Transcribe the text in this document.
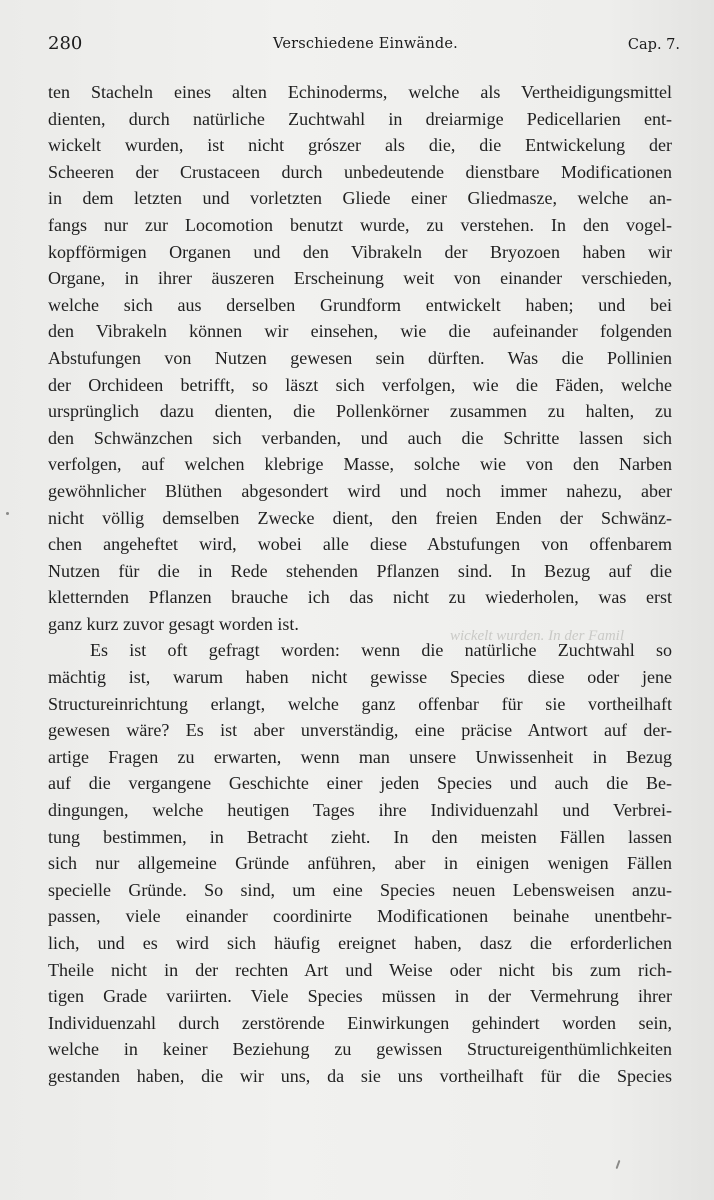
280	Verschiedene Einwände.	Cap. 7.
wickelt wurden. In der Famil
ten Stacheln eines alten Echinoderms, welche als Vertheidigungsmittel
dienten, durch natürliche Zuchtwahl in dreiarmige Pedicellarien ent-
wickelt wurden, ist nicht grószer als die, die Entwickelung der
Scheeren der Crustaceen durch unbedeutende dienstbare Modificationen
in dem letzten und vorletzten Gliede einer Gliedmasze, welche an-
fangs nur zur Locomotion benutzt wurde, zu verstehen. In den vogel-
kopfförmigen Organen und den Vibrakeln der Bryozoen haben wir
Organe, in ihrer äuszeren Erscheinung weit von einander verschieden,
welche sich aus derselben Grundform entwickelt haben; und bei
den Vibrakeln können wir einsehen, wie die aufeinander folgenden
Abstufungen von Nutzen gewesen sein dürften. Was die Pollinien
der Orchideen betrifft, so läszt sich verfolgen, wie die Fäden, welche
ursprünglich dazu dienten, die Pollenkörner zusammen zu halten, zu
den Schwänzchen sich verbanden, und auch die Schritte lassen sich
verfolgen, auf welchen klebrige Masse, solche wie von den Narben
gewöhnlicher Blüthen abgesondert wird und noch immer nahezu, aber
nicht völlig demselben Zwecke dient, den freien Enden der Schwänz-
chen angeheftet wird, wobei alle diese Abstufungen von offenbarem
Nutzen für die in Rede stehenden Pflanzen sind. In Bezug auf die
kletternden Pflanzen brauche ich das nicht zu wiederholen, was erst
ganz kurz zuvor gesagt worden ist.
Es ist oft gefragt worden: wenn die natürliche Zuchtwahl so
mächtig ist, warum haben nicht gewisse Species diese oder jene
Structureinrichtung erlangt, welche ganz offenbar für sie vortheilhaft
gewesen wäre? Es ist aber unverständig, eine präcise Antwort auf der-
artige Fragen zu erwarten, wenn man unsere Unwissenheit in Bezug
auf die vergangene Geschichte einer jeden Species und auch die Be-
dingungen, welche heutigen Tages ihre Individuenzahl und Verbrei-
tung bestimmen, in Betracht zieht. In den meisten Fällen lassen
sich nur allgemeine Gründe anführen, aber in einigen wenigen Fällen
specielle Gründe. So sind, um eine Species neuen Lebensweisen anzu-
passen, viele einander coordinirte Modificationen beinahe unentbehr-
lich, und es wird sich häufig ereignet haben, dasz die erforderlichen
Theile nicht in der rechten Art und Weise oder nicht bis zum rich-
tigen Grade variirten. Viele Species müssen in der Vermehrung ihrer
Individuenzahl durch zerstörende Einwirkungen gehindert worden sein,
welche in keiner Beziehung zu gewissen Structureigenthümlichkeiten
gestanden haben, die wir uns, da sie uns vortheilhaft für die Species
